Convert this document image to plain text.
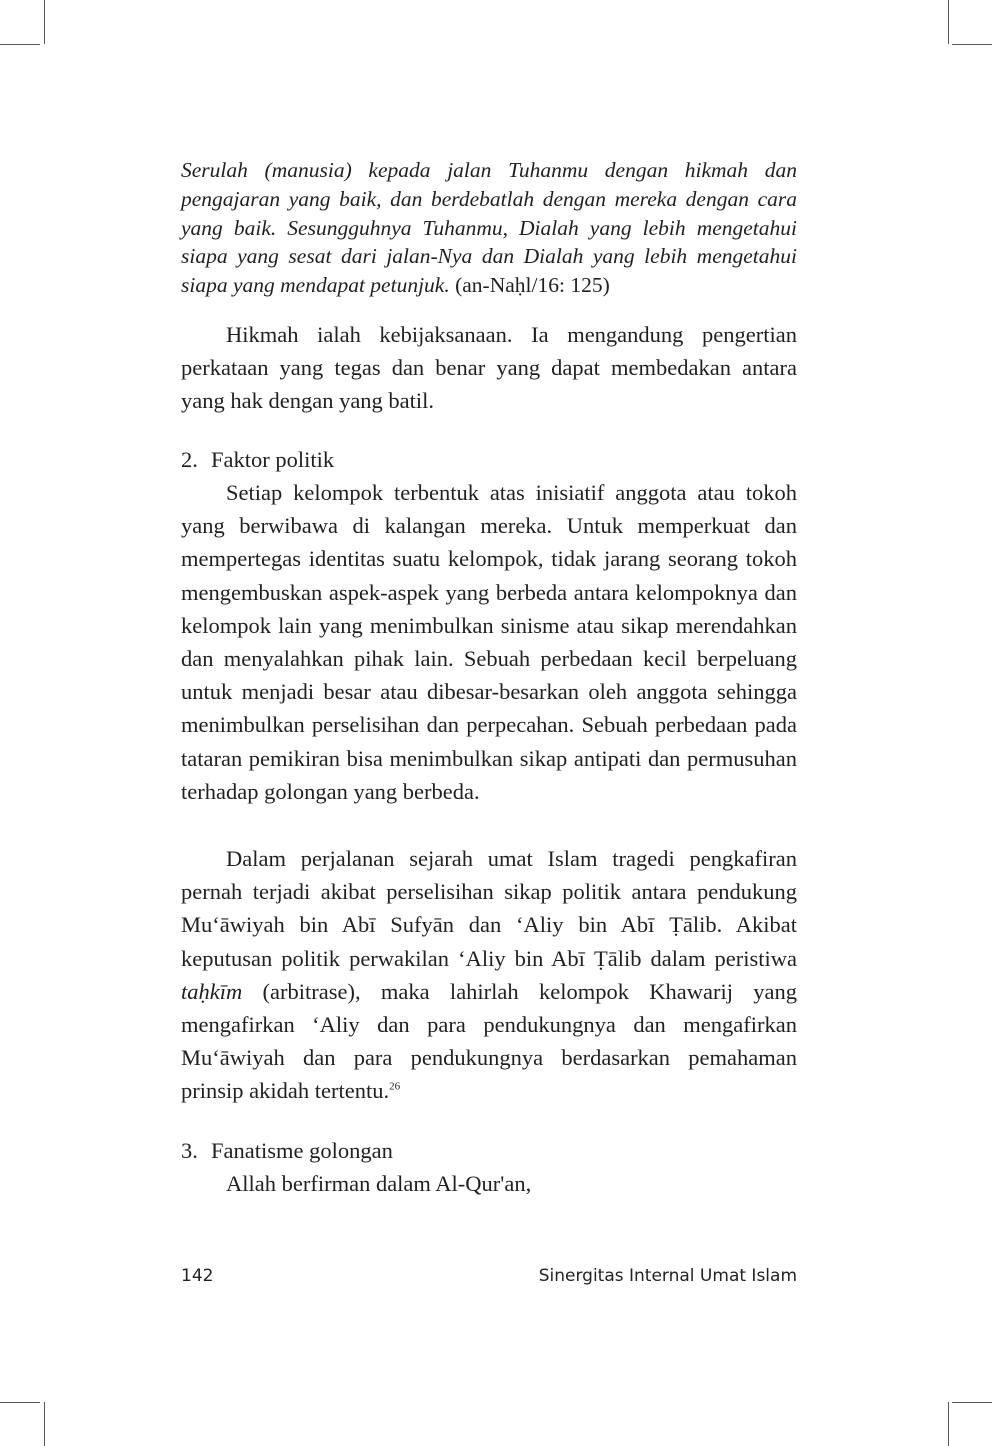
Serulah (manusia) kepada jalan Tuhanmu dengan hikmah dan pengajaran yang baik, dan berdebatlah dengan mereka dengan cara yang baik. Sesungguhnya Tuhanmu, Dialah yang lebih mengetahui siapa yang sesat dari jalan-Nya dan Dialah yang lebih mengetahui siapa yang mendapat petunjuk. (an-Naḥl/16: 125)

Hikmah ialah kebijaksanaan. Ia mengandung pengertian perkataan yang tegas dan benar yang dapat membedakan antara yang hak dengan yang batil.

2. Faktor politik

Setiap kelompok terbentuk atas inisiatif anggota atau tokoh yang berwibawa di kalangan mereka. Untuk memperkuat dan mempertegas identitas suatu kelompok, tidak jarang seorang tokoh mengembuskan aspek-aspek yang berbeda antara kelompoknya dan kelompok lain yang menimbulkan sinisme atau sikap merendahkan dan menyalahkan pihak lain. Sebuah perbedaan kecil berpeluang untuk menjadi besar atau dibesar-besarkan oleh anggota sehingga menimbulkan perselisihan dan perpecahan. Sebuah perbedaan pada tataran pemikiran bisa menimbulkan sikap antipati dan permusuhan terhadap golongan yang berbeda.

Dalam perjalanan sejarah umat Islam tragedi pengkafiran pernah terjadi akibat perselisihan sikap politik antara pendukung Mu‘āwiyah bin Abī Sufyān dan ‘Aliy bin Abī Ṭālib. Akibat keputusan politik perwakilan ‘Aliy bin Abī Ṭālib dalam peristiwa taḥkīm (arbitrase), maka lahirlah kelompok Khawarij yang mengafirkan ‘Aliy dan para pendukungnya dan mengafirkan Mu‘āwiyah dan para pendukungnya berdasarkan pemahaman prinsip akidah tertentu.$^{26}$

3. Fanatisme golongan

Allah berfirman dalam Al-Qur'an,

142	Sinergitas Internal Umat Islam
